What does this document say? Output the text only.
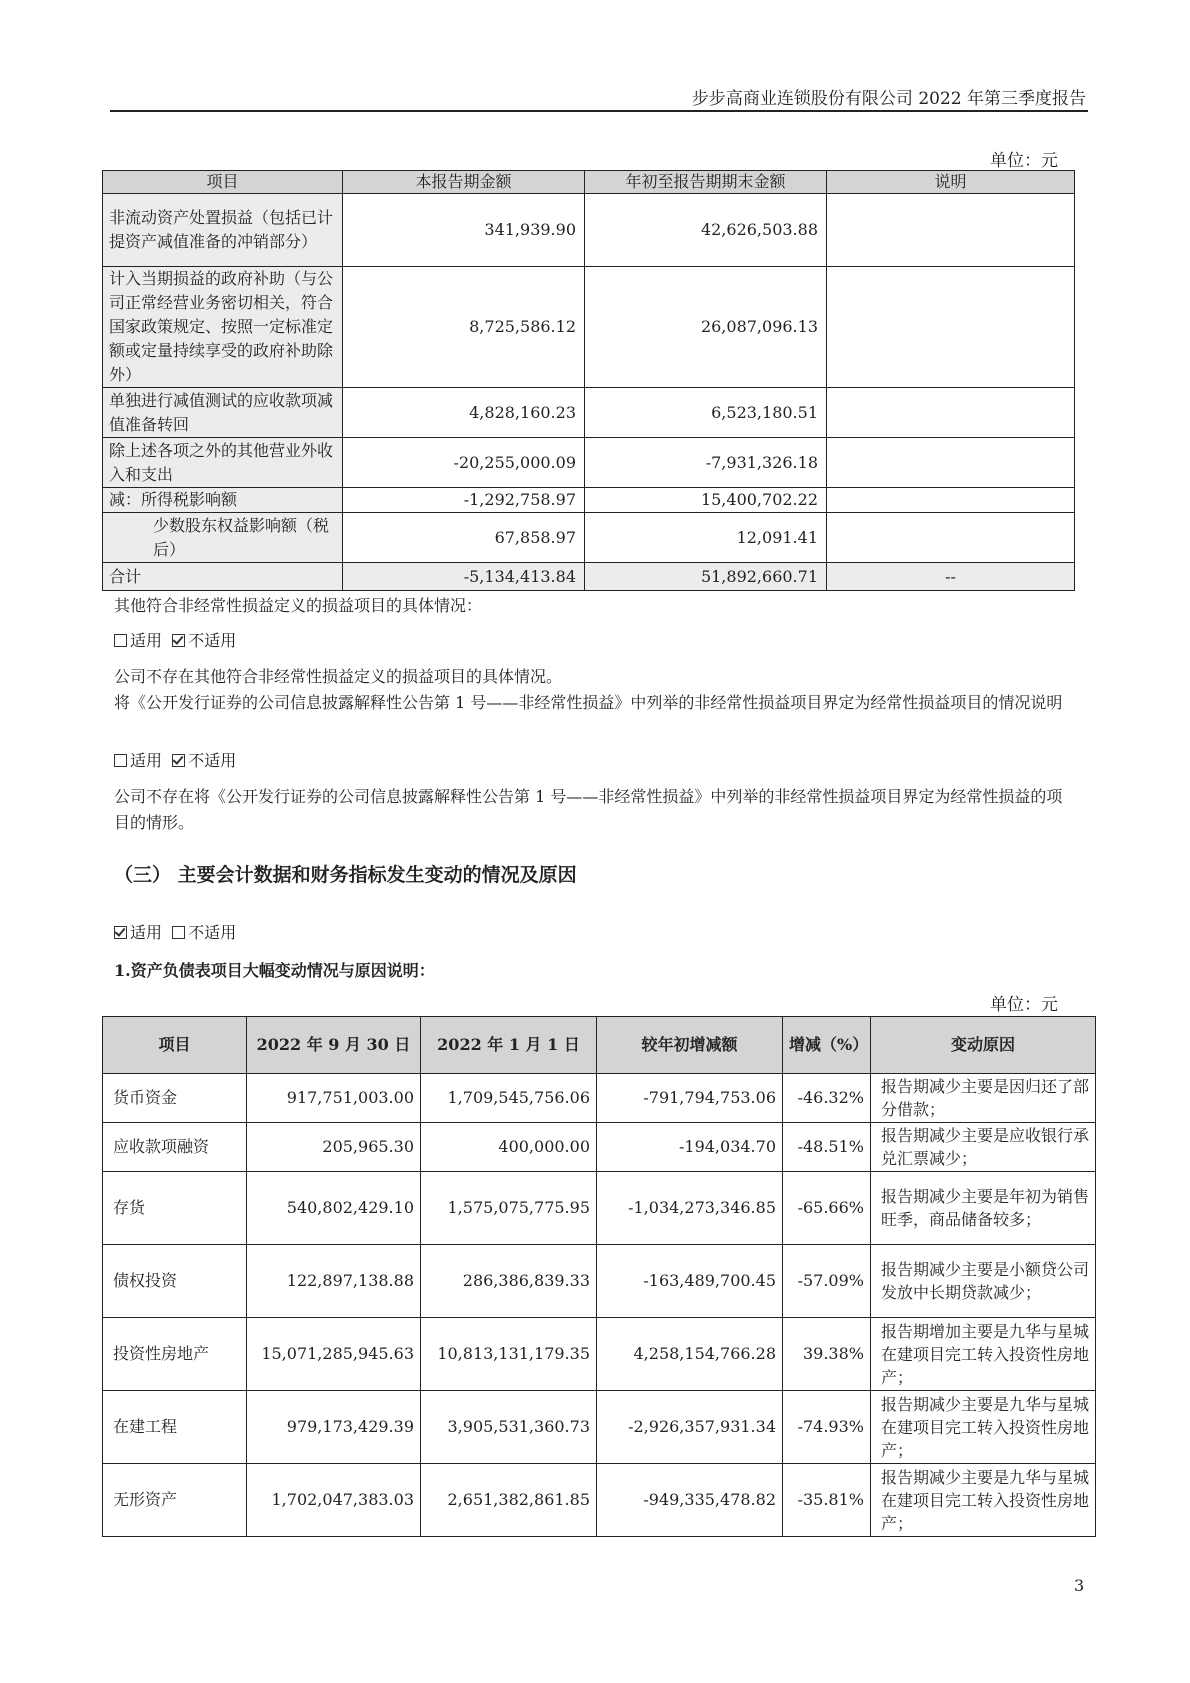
步步高商业连锁股份有限公司 2022 年第三季度报告
单位：元
项目	本报告期金额	年初至报告期期末金额	说明
非流动资产处置损益（包括已计提资产减值准备的冲销部分）	341,939.90	42,626,503.88	
计入当期损益的政府补助（与公司正常经营业务密切相关，符合国家政策规定、按照一定标准定额或定量持续享受的政府补助除外）	8,725,586.12	26,087,096.13	
单独进行减值测试的应收款项减值准备转回	4,828,160.23	6,523,180.51	
除上述各项之外的其他营业外收入和支出	-20,255,000.09	-7,931,326.18	
减：所得税影响额	-1,292,758.97	15,400,702.22	
少数股东权益影响额（税后）	67,858.97	12,091.41	
合计	-5,134,413.84	51,892,660.71	--
其他符合非经常性损益定义的损益项目的具体情况：
适用 不适用
公司不存在其他符合非经常性损益定义的损益项目的具体情况。
将《公开发行证券的公司信息披露解释性公告第 1 号——非经常性损益》中列举的非经常性损益项目界定为经常性损益项目的情况说明
适用 不适用
公司不存在将《公开发行证券的公司信息披露解释性公告第 1 号——非经常性损益》中列举的非经常性损益项目界定为经常性损益的项目的情形。
（三） 主要会计数据和财务指标发生变动的情况及原因
适用 不适用
1.资产负债表项目大幅变动情况与原因说明：
单位：元
项目	2022 年 9 月 30 日	2022 年 1 月 1 日	较年初增减额	增减（%）	变动原因
货币资金	917,751,003.00	1,709,545,756.06	-791,794,753.06	-46.32%	报告期减少主要是因归还了部分借款；
应收款项融资	205,965.30	400,000.00	-194,034.70	-48.51%	报告期减少主要是应收银行承兑汇票减少；
存货	540,802,429.10	1,575,075,775.95	-1,034,273,346.85	-65.66%	报告期减少主要是年初为销售旺季，商品储备较多；
债权投资	122,897,138.88	286,386,839.33	-163,489,700.45	-57.09%	报告期减少主要是小额贷公司发放中长期贷款减少；
投资性房地产	15,071,285,945.63	10,813,131,179.35	4,258,154,766.28	39.38%	报告期增加主要是九华与星城在建项目完工转入投资性房地产；
在建工程	979,173,429.39	3,905,531,360.73	-2,926,357,931.34	-74.93%	报告期减少主要是九华与星城在建项目完工转入投资性房地产；
无形资产	1,702,047,383.03	2,651,382,861.85	-949,335,478.82	-35.81%	报告期减少主要是九华与星城在建项目完工转入投资性房地产；
3
